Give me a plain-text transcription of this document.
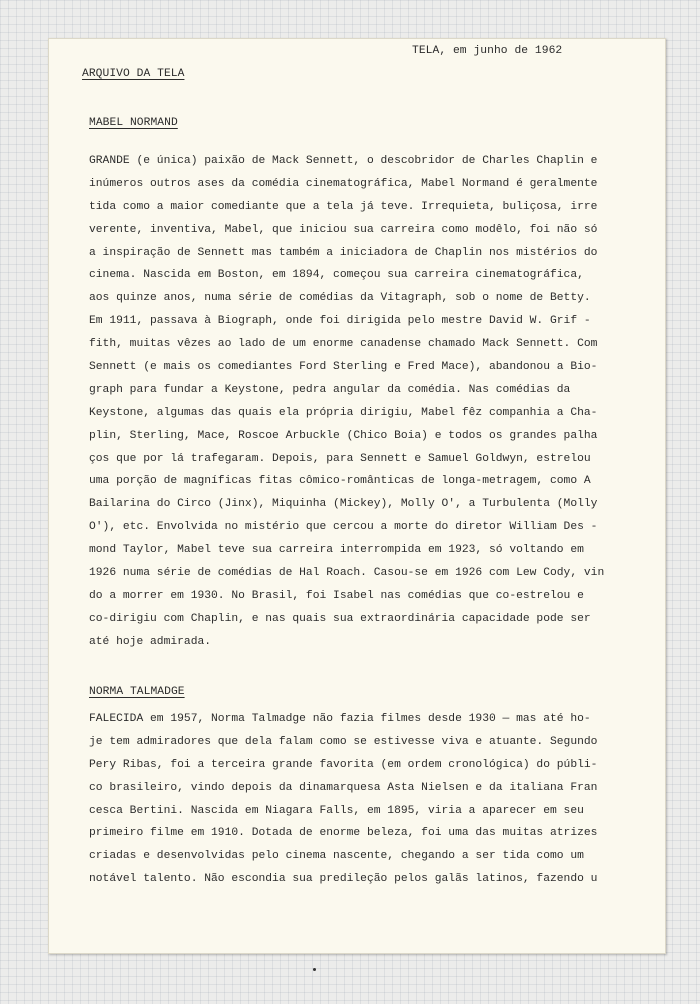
TELA, em junho de 1962
ARQUIVO DA TELA
MABEL NORMAND
GRANDE (e única) paixão de Mack Sennett, o descobridor de Charles Chaplin e
inúmeros outros ases da comédia cinematográfica, Mabel Normand é geralmente
tida como a maior comediante que a tela já teve. Irrequieta, buliçosa, irre
verente, inventiva, Mabel, que iniciou sua carreira como modêlo, foi não só
a inspiração de Sennett mas também a iniciadora de Chaplin nos mistérios do
cinema. Nascida em Boston, em 1894, começou sua carreira cinematográfica,
aos quinze anos, numa série de comédias da Vitagraph, sob o nome de Betty.
Em 1911, passava à Biograph, onde foi dirigida pelo mestre David W. Grif -
fith, muitas vêzes ao lado de um enorme canadense chamado Mack Sennett. Com
Sennett (e mais os comediantes Ford Sterling e Fred Mace), abandonou a Bio-
graph para fundar a Keystone, pedra angular da comédia. Nas comédias da
Keystone, algumas das quais ela própria dirigiu, Mabel fêz companhia a Cha-
plin, Sterling, Mace, Roscoe Arbuckle (Chico Boia) e todos os grandes palha
ços que por lá trafegaram. Depois, para Sennett e Samuel Goldwyn, estrelou
uma porção de magníficas fitas cômico-românticas de longa-metragem, como A
Bailarina do Circo (Jinx), Miquinha (Mickey), Molly O', a Turbulenta (Molly
O'), etc. Envolvida no mistério que cercou a morte do diretor William Des -
mond Taylor, Mabel teve sua carreira interrompida em 1923, só voltando em
1926 numa série de comédias de Hal Roach. Casou-se em 1926 com Lew Cody, vin
do a morrer em 1930. No Brasil, foi Isabel nas comédias que co-estrelou e
co-dirigiu com Chaplin, e nas quais sua extraordinária capacidade pode ser
até hoje admirada.
NORMA TALMADGE
FALECIDA em 1957, Norma Talmadge não fazia filmes desde 1930 — mas até ho-
je tem admiradores que dela falam como se estivesse viva e atuante. Segundo
Pery Ribas, foi a terceira grande favorita (em ordem cronológica) do públi-
co brasileiro, vindo depois da dinamarquesa Asta Nielsen e da italiana Fran
cesca Bertini. Nascida em Niagara Falls, em 1895, viria a aparecer em seu
primeiro filme em 1910. Dotada de enorme beleza, foi uma das muitas atrizes
criadas e desenvolvidas pelo cinema nascente, chegando a ser tida como um
notável talento. Não escondia sua predileção pelos galãs latinos, fazendo u
